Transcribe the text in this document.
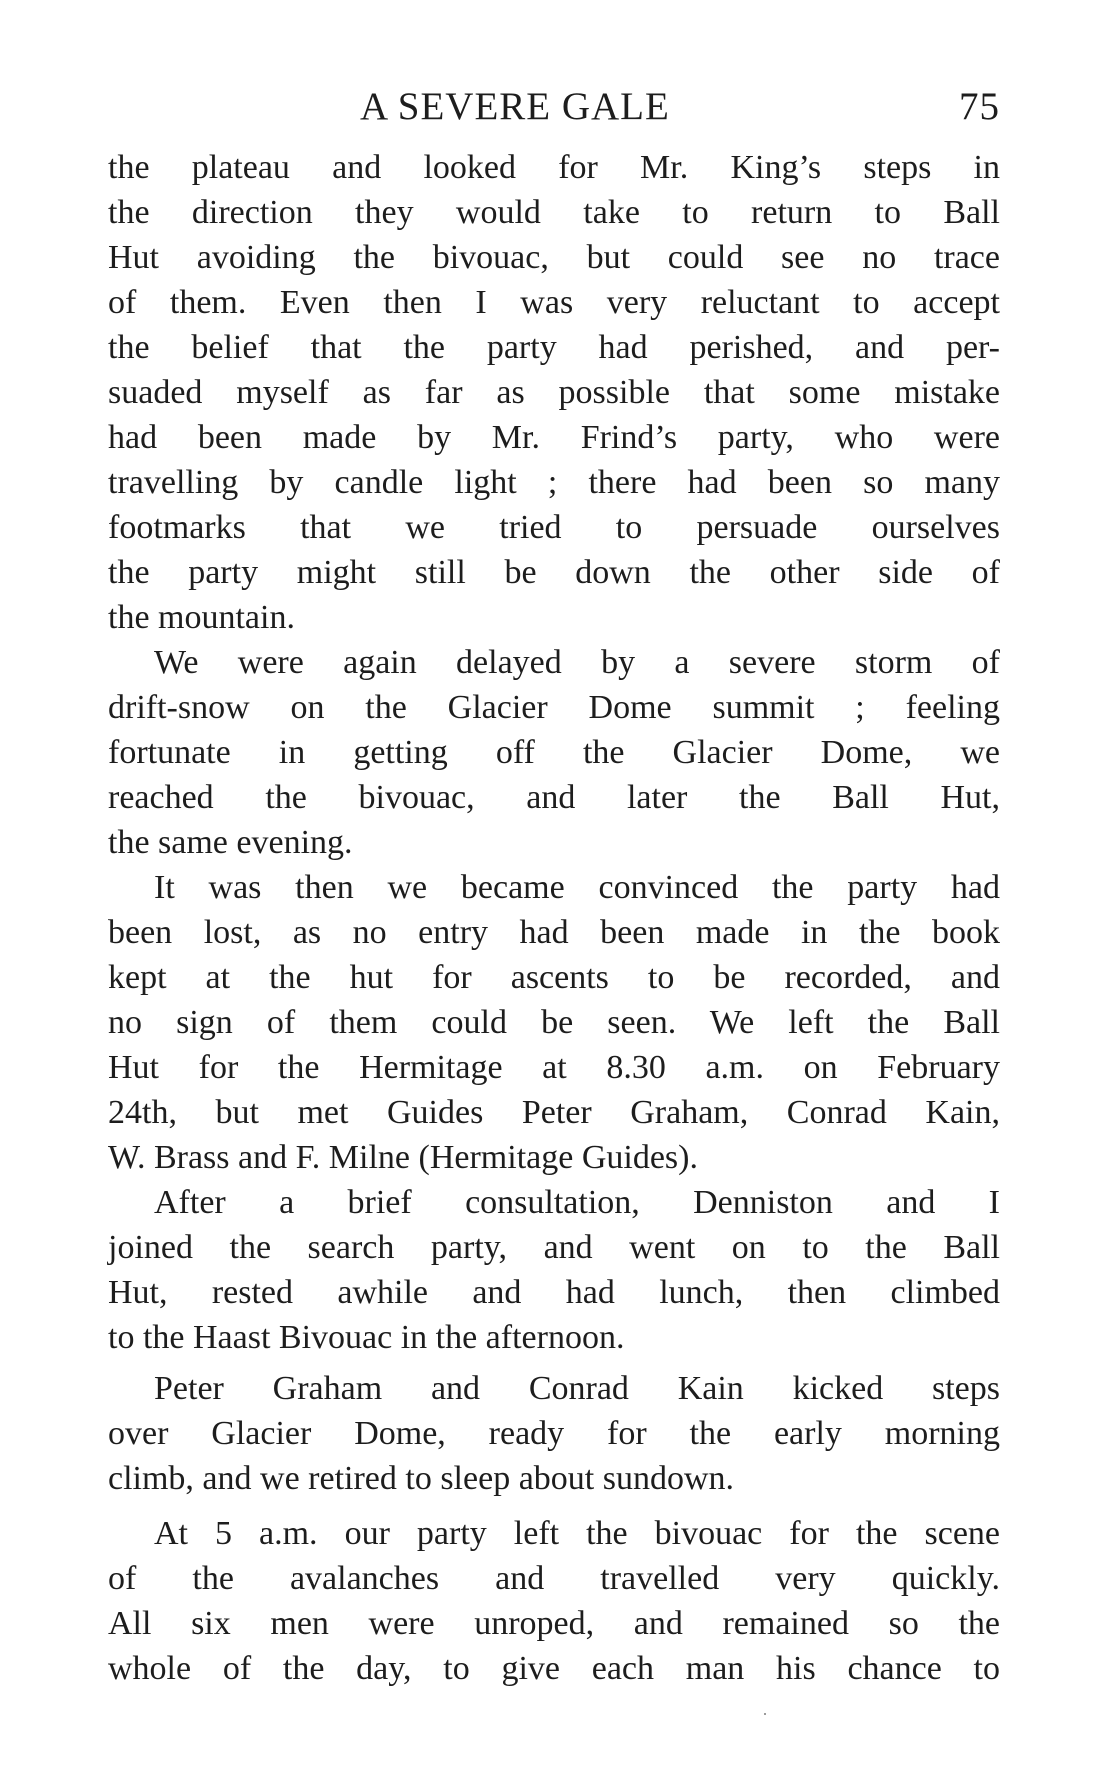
A SEVERE GALE	75
the plateau and looked for Mr. King’s steps in
the direction they would take to return to Ball
Hut avoiding the bivouac, but could see no trace
of them. Even then I was very reluctant to accept
the belief that the party had perished, and per-
suaded myself as far as possible that some mistake
had been made by Mr. Frind’s party, who were
travelling by candle light ; there had been so many
footmarks that we tried to persuade ourselves
the party might still be down the other side of
the mountain.
We were again delayed by a severe storm of
drift-snow on the Glacier Dome summit ; feeling
fortunate in getting off the Glacier Dome, we
reached the bivouac, and later the Ball Hut,
the same evening.
It was then we became convinced the party had
been lost, as no entry had been made in the book
kept at the hut for ascents to be recorded, and
no sign of them could be seen. We left the Ball
Hut for the Hermitage at 8.30 a.m. on February
24th, but met Guides Peter Graham, Conrad Kain,
W. Brass and F. Milne (Hermitage Guides).
After a brief consultation, Denniston and I
joined the search party, and went on to the Ball
Hut, rested awhile and had lunch, then climbed
to the Haast Bivouac in the afternoon.
Peter Graham and Conrad Kain kicked steps
over Glacier Dome, ready for the early morning
climb, and we retired to sleep about sundown.
At 5 a.m. our party left the bivouac for the scene
of the avalanches and travelled very quickly.
All six men were unroped, and remained so the
whole of the day, to give each man his chance to
